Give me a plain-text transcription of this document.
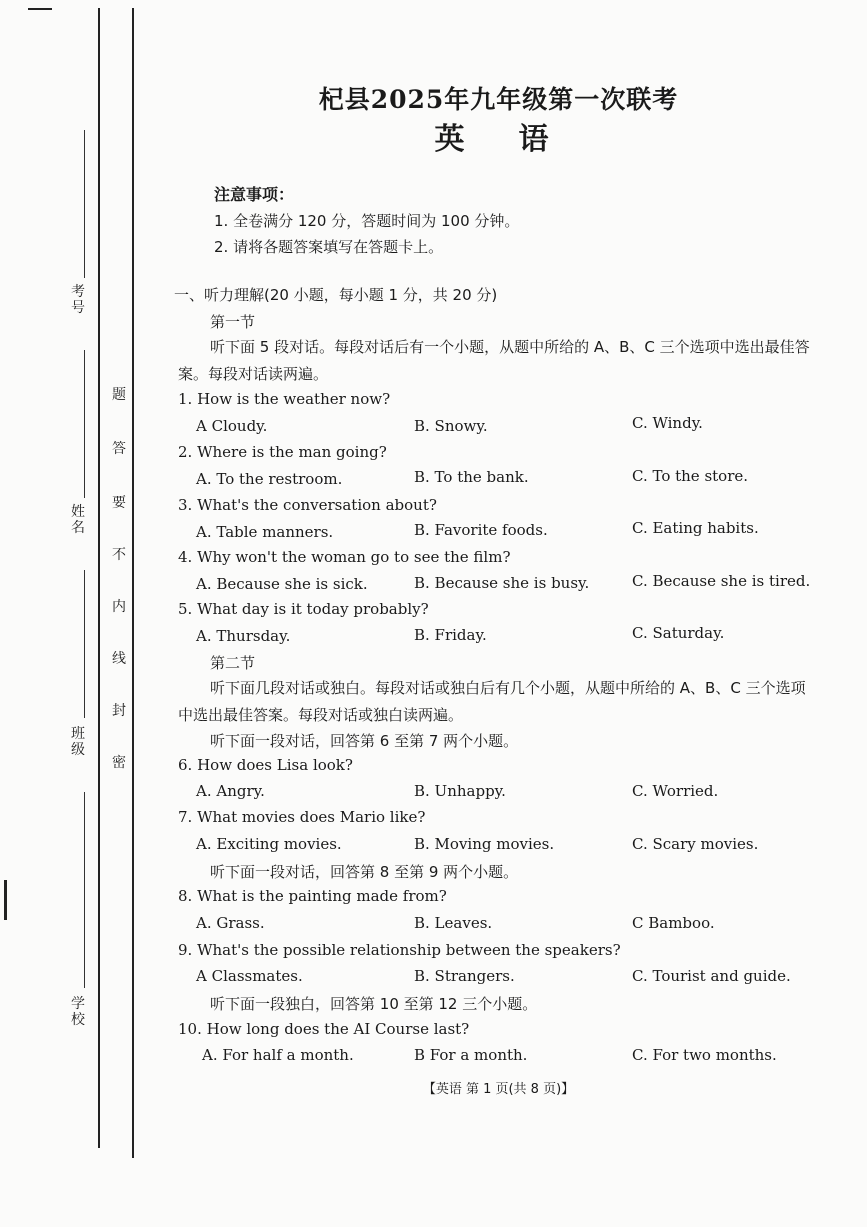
考号
姓名
班级
学校
题
答
要
不
内
线
封
密
杞县2025年九年级第一次联考
英语
注意事项：
1. 全卷满分 120 分，答题时间为 100 分钟。
2. 请将各题答案填写在答题卡上。
一、听力理解(20 小题，每小题 1 分，共 20 分)
第一节
听下面 5 段对话。每段对话后有一个小题，从题中所给的 A、B、C 三个选项中选出最佳答
案。每段对话读两遍。
1. How is the weather now?
A Cloudy.	B. Snowy.	C. Windy.
2. Where is the man going?
A. To the restroom.	B. To the bank.	C. To the store.
3. What's the conversation about?
A. Table manners.	B. Favorite foods.	C. Eating habits.
4. Why won't the woman go to see the film?
A. Because she is sick.	B. Because she is busy.	C. Because she is tired.
5. What day is it today probably?
A. Thursday.	B. Friday.	C. Saturday.
第二节
听下面几段对话或独白。每段对话或独白后有几个小题，从题中所给的 A、B、C 三个选项
中选出最佳答案。每段对话或独白读两遍。
听下面一段对话，回答第 6 至第 7 两个小题。
6. How does Lisa look?
A. Angry.	B. Unhappy.	C. Worried.
7. What movies does Mario like?
A. Exciting movies.	B. Moving movies.	C. Scary movies.
听下面一段对话，回答第 8 至第 9 两个小题。
8. What is the painting made from?
A. Grass.	B. Leaves.	C Bamboo.
9. What's the possible relationship between the speakers?
A Classmates.	B. Strangers.	C. Tourist and guide.
听下面一段独白，回答第 10 至第 12 三个小题。
10. How long does the AI Course last?
A. For half a month.	B For a month.	C. For two months.
【英语 第 1 页(共 8 页)】
